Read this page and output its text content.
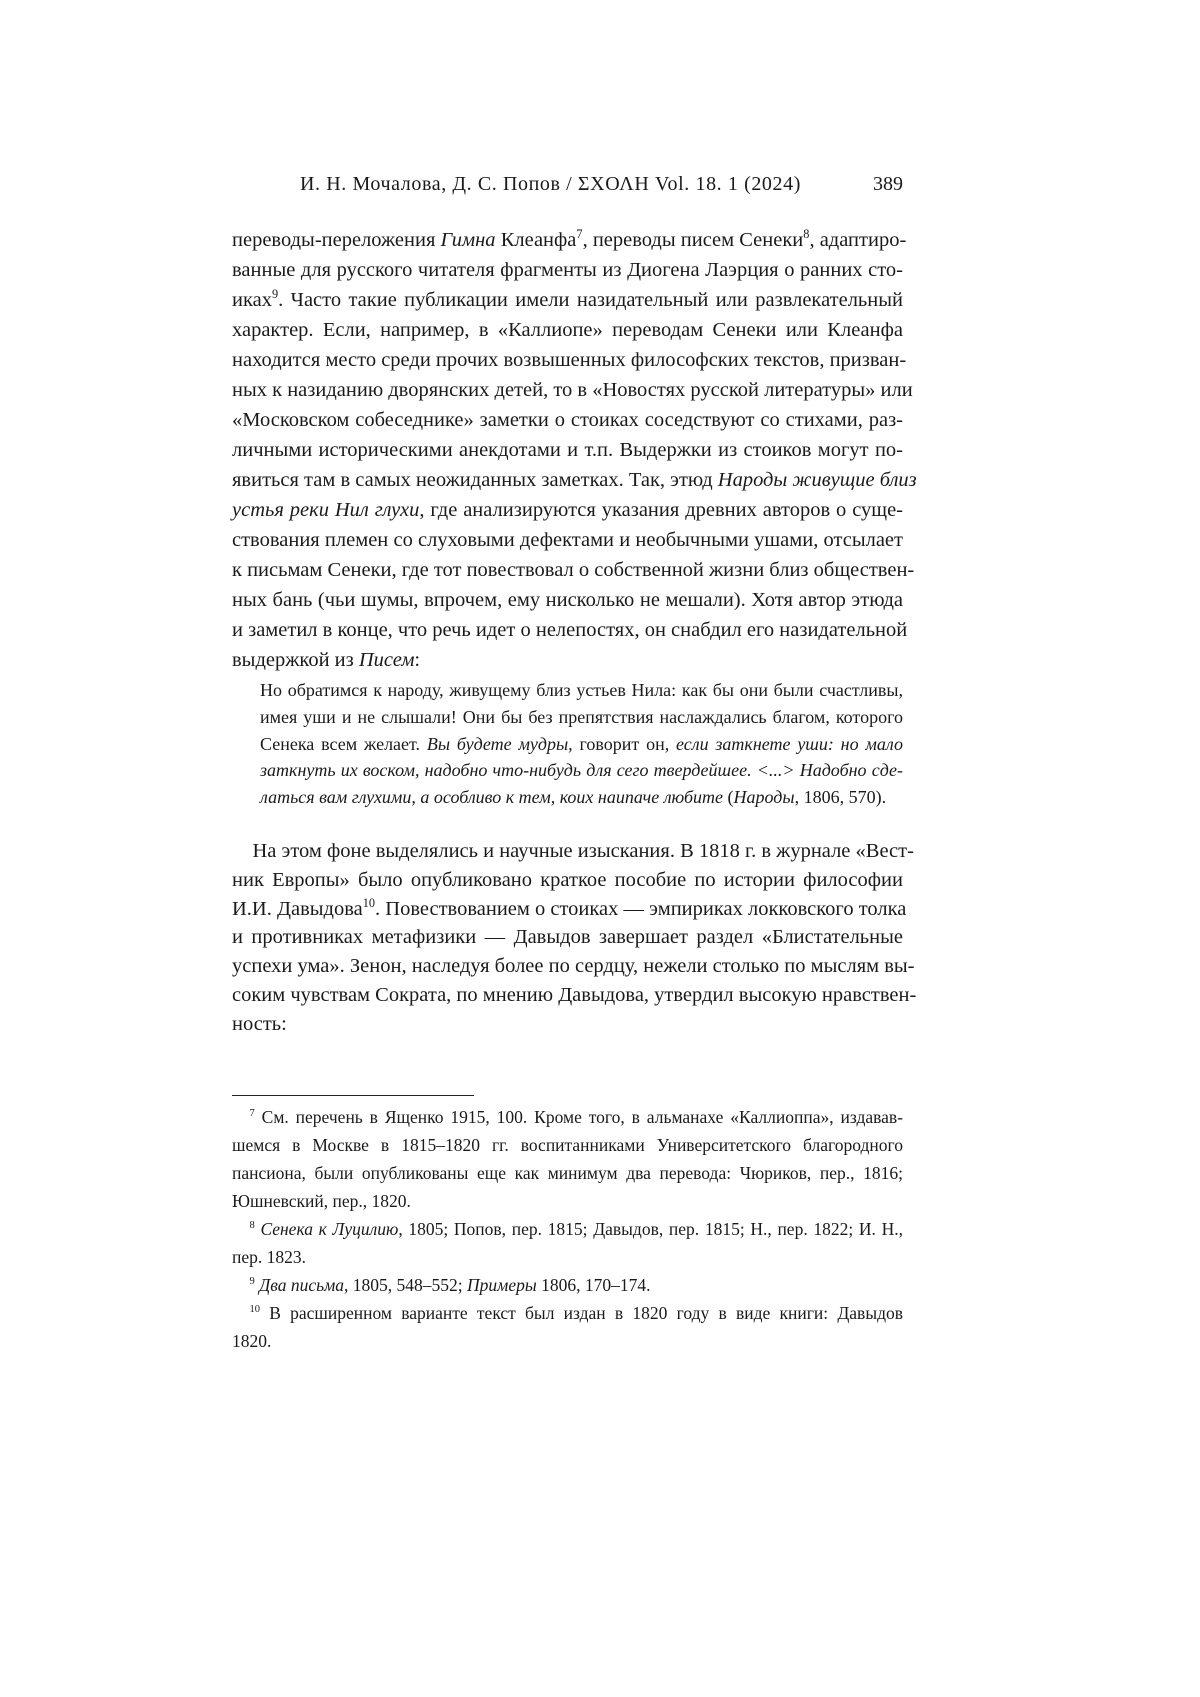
И. Н. Мочалова, Д. С. Попов / ΣΧΟΛΗ Vol. 18. 1 (2024)	389
переводы-переложения Гимна Клеанфа7, переводы писем Сенеки8, адаптиро-
ванные для русского читателя фрагменты из Диогена Лаэрция о ранних сто-
иках9. Часто такие публикации имели назидательный или развлекательный
характер. Если, например, в «Каллиопе» переводам Сенеки или Клеанфа
находится место среди прочих возвышенных философских текстов, призван-
ных к назиданию дворянских детей, то в «Новостях русской литературы» или
«Московском собеседнике» заметки о стоиках соседствуют со стихами, раз-
личными историческими анекдотами и т.п. Выдержки из стоиков могут по-
явиться там в самых неожиданных заметках. Так, этюд Народы живущие близ
устья реки Нил глухи, где анализируются указания древних авторов о суще-
ствования племен со слуховыми дефектами и необычными ушами, отсылает
к письмам Сенеки, где тот повествовал о собственной жизни близ обществен-
ных бань (чьи шумы, впрочем, ему нисколько не мешали). Хотя автор этюда
и заметил в конце, что речь идет о нелепостях, он снабдил его назидательной
выдержкой из Писем:
Но обратимся к народу, живущему близ устьев Нила: как бы они были счастливы,
имея уши и не слышали! Они бы без препятствия наслаждались благом, которого
Сенека всем желает. Вы будете мудры, говорит он, если заткнете уши: но мало
заткнуть их воском, надобно что-нибудь для сего твердейшее. <...> Надобно сде-
латься вам глухими, а особливо к тем, коих наипаче любите (Народы, 1806, 570).
 На этом фоне выделялись и научные изыскания. В 1818 г. в журнале «Вест-
ник Европы» было опубликовано краткое пособие по истории философии
И.И. Давыдова10. Повествованием о стоиках — эмпириках локковского толка
и противниках метафизики — Давыдов завершает раздел «Блистательные
успехи ума». Зенон, наследуя более по сердцу, нежели столько по мыслям вы-
соким чувствам Сократа, по мнению Давыдова, утвердил высокую нравствен-
ность:
 7 См. перечень в Ященко 1915, 100. Кроме того, в альманахе «Каллиоппа», издавав-
шемся в Москве в 1815–1820 гг. воспитанниками Университетского благородного
пансиона, были опубликованы еще как минимум два перевода: Чюриков, пер., 1816;
Юшневский, пер., 1820.
 8 Сенека к Луцилию, 1805; Попов, пер. 1815; Давыдов, пер. 1815; Н., пер. 1822; И. Н.,
пер. 1823.
 9 Два письма, 1805, 548–552; Примеры 1806, 170–174.
 10 В расширенном варианте текст был издан в 1820 году в виде книги: Давыдов
1820.
